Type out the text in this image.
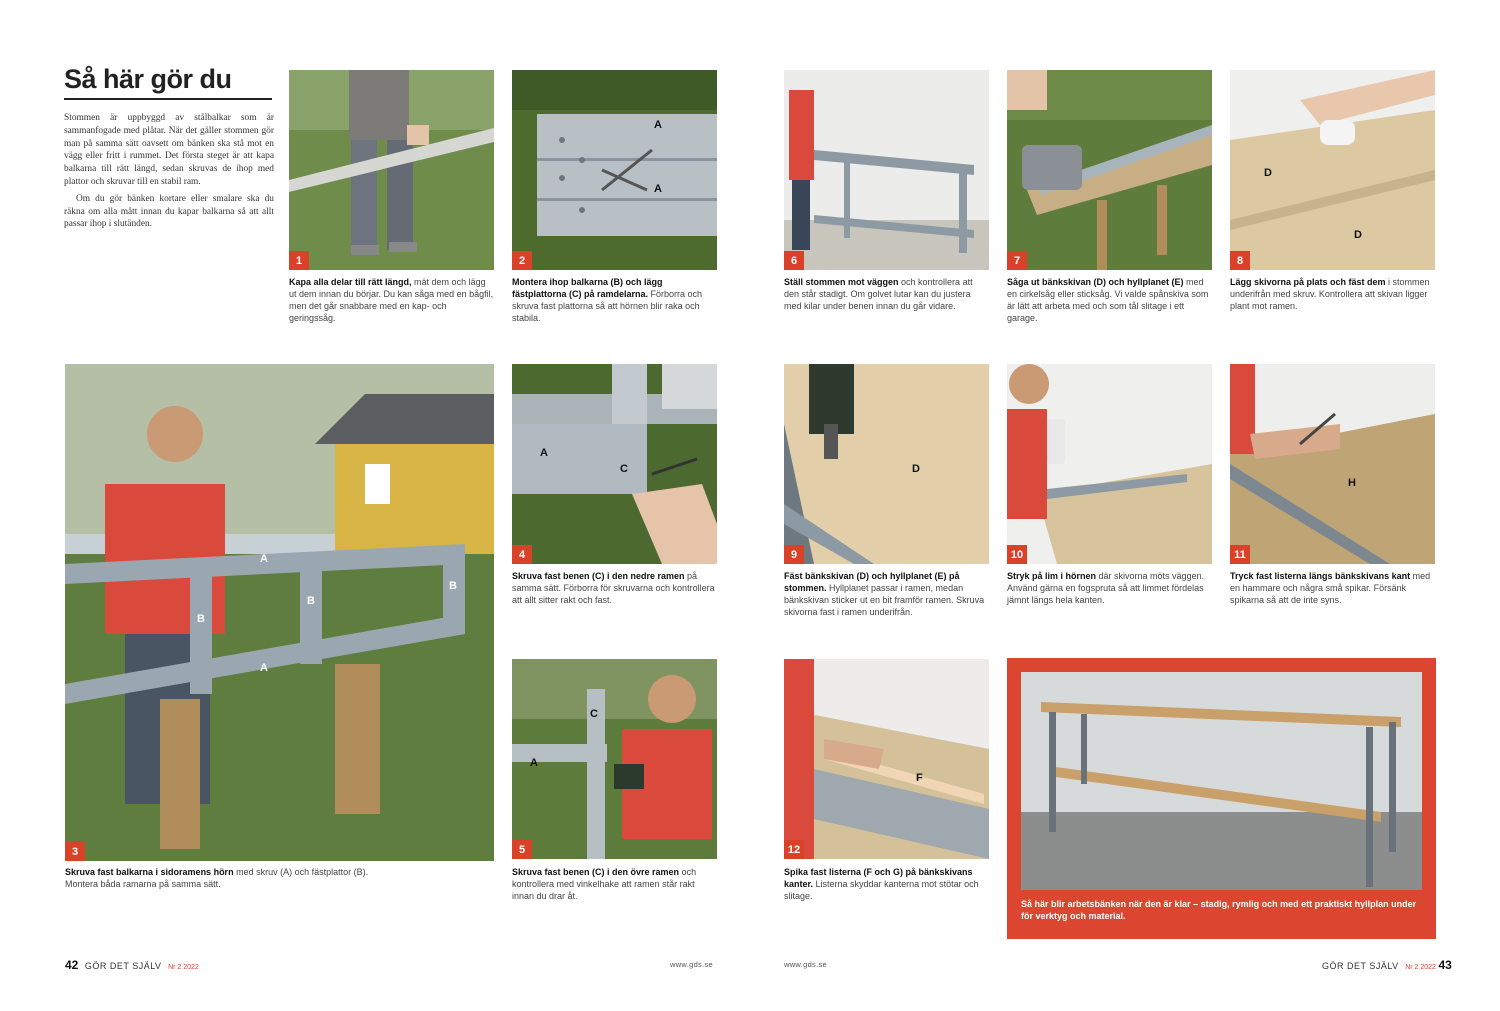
Så här gör du

Stommen är uppbyggd av stålbalkar som är sammanfogade med plåtar. När det gäller stommen gör man på samma sätt oavsett om bänken ska stå mot en vägg eller fritt i rummet. Det första steget är att kapa balkarna till rätt längd, sedan skruvas de ihop med plattor och skruvar till en stabil ram.

Om du gör bänken kortare eller smalare ska du räkna om alla mått innan du kapar balkarna så att allt passar ihop i slutänden.

1
A
A
2
A
A
B
B
B
3
A
C
4
A
C
5
6	7
D
D
8
D
9	10
H
11
F
12
Så här blir arbetsbänken när den är klar – stadig, rymlig och med ett praktiskt hyllplan under för verktyg och material.
Kapa alla delar till rätt längd, mät dem och lägg ut dem innan du börjar. Du kan såga med en bågfil, men det går snabbare med en kap- och geringssåg.
Montera ihop balkarna (B) och lägg fästplattorna (C) på ramdelarna. Förborra och skruva fast plattorna så att hörnen blir raka och stabila.
Skruva fast balkarna i sidoramens hörn med skruv (A) och fästplattor (B). Montera båda ramarna på samma sätt.
Skruva fast benen (C) i den nedre ramen på samma sätt. Förborra för skruvarna och kontrollera att allt sitter rakt och fast.
Skruva fast benen (C) i den övre ramen och kontrollera med vinkelhake att ramen står rakt innan du drar åt.
Ställ stommen mot väggen och kontrollera att den står stadigt. Om golvet lutar kan du justera med kilar under benen innan du går vidare.
Såga ut bänkskivan (D) och hyllplanet (E) med en cirkelsåg eller sticksåg. Vi valde spånskiva som är lätt att arbeta med och som tål slitage i ett garage.
Lägg skivorna på plats och fäst dem i stommen underifrån med skruv. Kontrollera att skivan ligger plant mot ramen.
Fäst bänkskivan (D) och hyllplanet (E) på stommen. Hyllplanet passar i ramen, medan bänkskivan sticker ut en bit framför ramen. Skruva skivorna fast i ramen underifrån.
Stryk på lim i hörnen där skivorna möts väggen. Använd gärna en fogspruta så att limmet fördelas jämnt längs hela kanten.
Tryck fast listerna längs bänkskivans kant med en hammare och några små spikar. Försänk spikarna så att de inte syns.
Spika fast listerna (F och G) på bänkskivans kanter. Listerna skyddar kanterna mot stötar och slitage.
42 GÖR DET SJÄLV Nr 2 2022	www.gds.se	www.gds.se	GÖR DET SJÄLV Nr 2 2022 43
